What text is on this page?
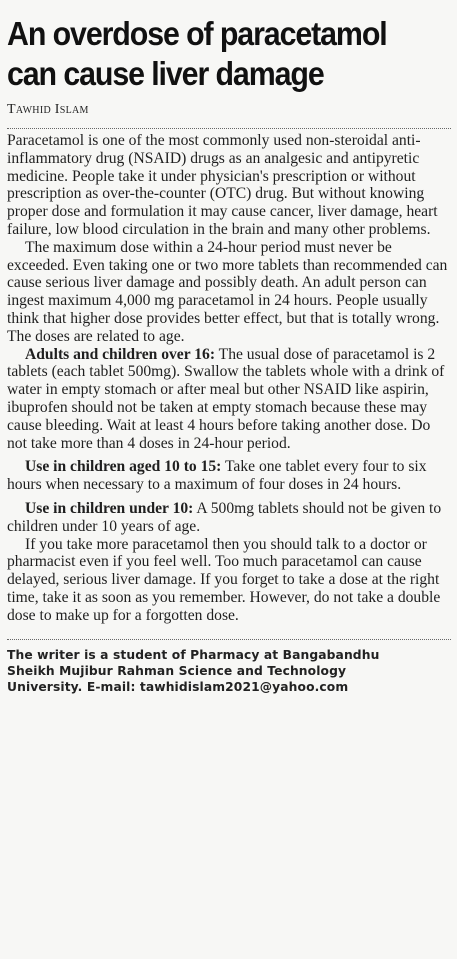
An overdose of paracetamol
can cause liver damage
Tawhid Islam

Paracetamol is one of the most commonly used non-steroidal anti-inflammatory drug (NSAID) drugs as an analgesic and antipyretic medicine. People take it under physician's prescription or without prescription as over-the-counter (OTC) drug. But without knowing proper dose and formulation it may cause cancer, liver damage, heart failure, low blood circulation in the brain and many other problems.

The maximum dose within a 24-hour period must never be exceeded. Even taking one or two more tablets than recommended can cause serious liver damage and possibly death. An adult person can ingest maximum 4,000 mg paracetamol in 24 hours. People usually think that higher dose provides better effect, but that is totally wrong. The doses are related to age.

Adults and children over 16: The usual dose of paracetamol is 2 tablets (each tablet 500mg). Swallow the tablets whole with a drink of water in empty stomach or after meal but other NSAID like aspirin, ibuprofen should not be taken at empty stomach because these may cause bleeding. Wait at least 4 hours before taking another dose. Do not take more than 4 doses in 24-hour period.

Use in children aged 10 to 15: Take one tablet every four to six hours when necessary to a maximum of four doses in 24 hours.

Use in children under 10: A 500mg tablets should not be given to children under 10 years of age.

If you take more paracetamol then you should talk to a doctor or pharmacist even if you feel well. Too much paracetamol can cause delayed, serious liver damage. If you forget to take a dose at the right time, take it as soon as you remember. However, do not take a double dose to make up for a forgotten dose.

The writer is a student of Pharmacy at Bangabandhu
Sheikh Mujibur Rahman Science and Technology
University. E-mail: tawhidislam2021@yahoo.com
